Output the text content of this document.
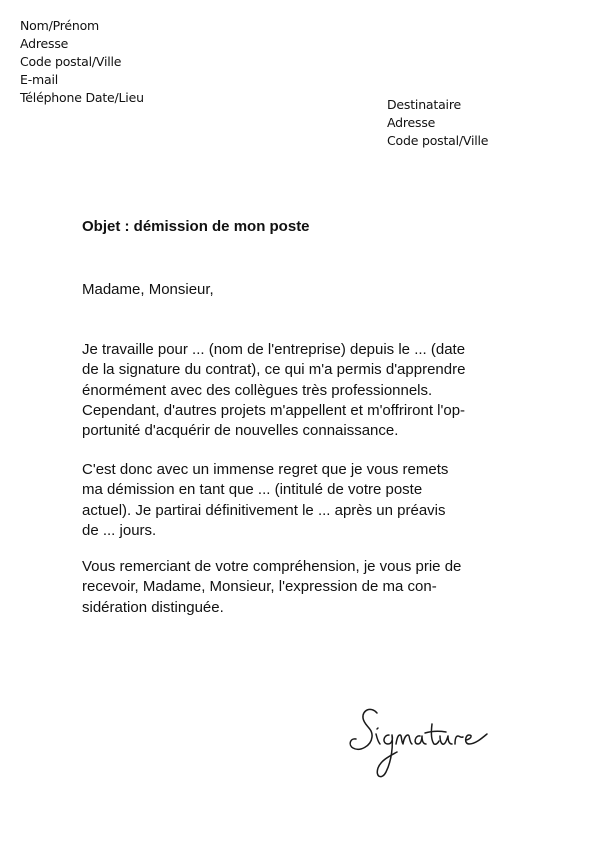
Nom/Prénom
Adresse
Code postal/Ville
E-mail
Téléphone Date/Lieu	Destinataire
Adresse
Code postal/Ville
Objet : démission de mon poste
Madame, Monsieur,
Je travaille pour ... (nom de l'entreprise) depuis le ... (date
de la signature du contrat), ce qui m'a permis d'apprendre
énormément avec des collègues très professionnels.
Cependant, d'autres projets m'appellent et m'offriront l'op-
portunité d'acquérir de nouvelles connaissance.
C'est donc avec un immense regret que je vous remets
ma démission en tant que ... (intitulé de votre poste
actuel). Je partirai définitivement le ... après un préavis
de ... jours.
Vous remerciant de votre compréhension, je vous prie de
recevoir, Madame, Monsieur, l'expression de ma con-
sidération distinguée.
